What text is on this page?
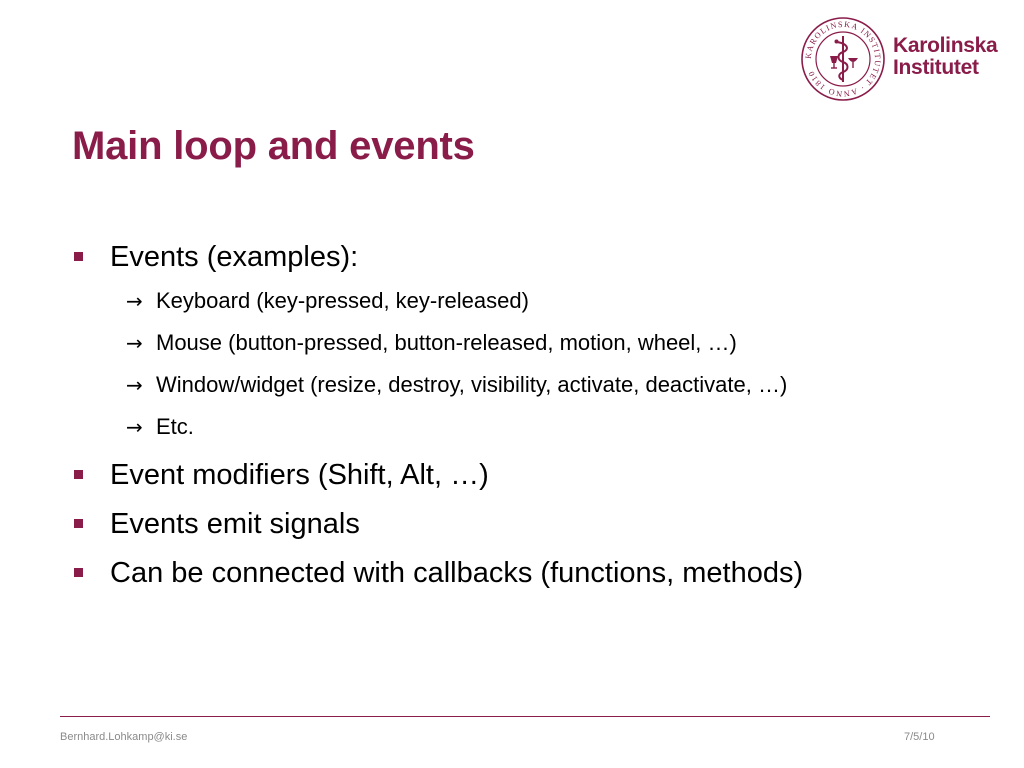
KAROLINSKA INSTITUTET · ANNO 1810
Karolinska
Institutet
Main loop and events
Events (examples):
→ Keyboard (key-pressed, key-released)
→ Mouse (button-pressed, button-released, motion, wheel, …)
→ Window/widget (resize, destroy, visibility, activate, deactivate, …)
→ Etc.
Event modifiers (Shift, Alt, …)
Events emit signals
Can be connected with callbacks (functions, methods)
Bernhard.Lohkamp@ki.se	7/5/10
